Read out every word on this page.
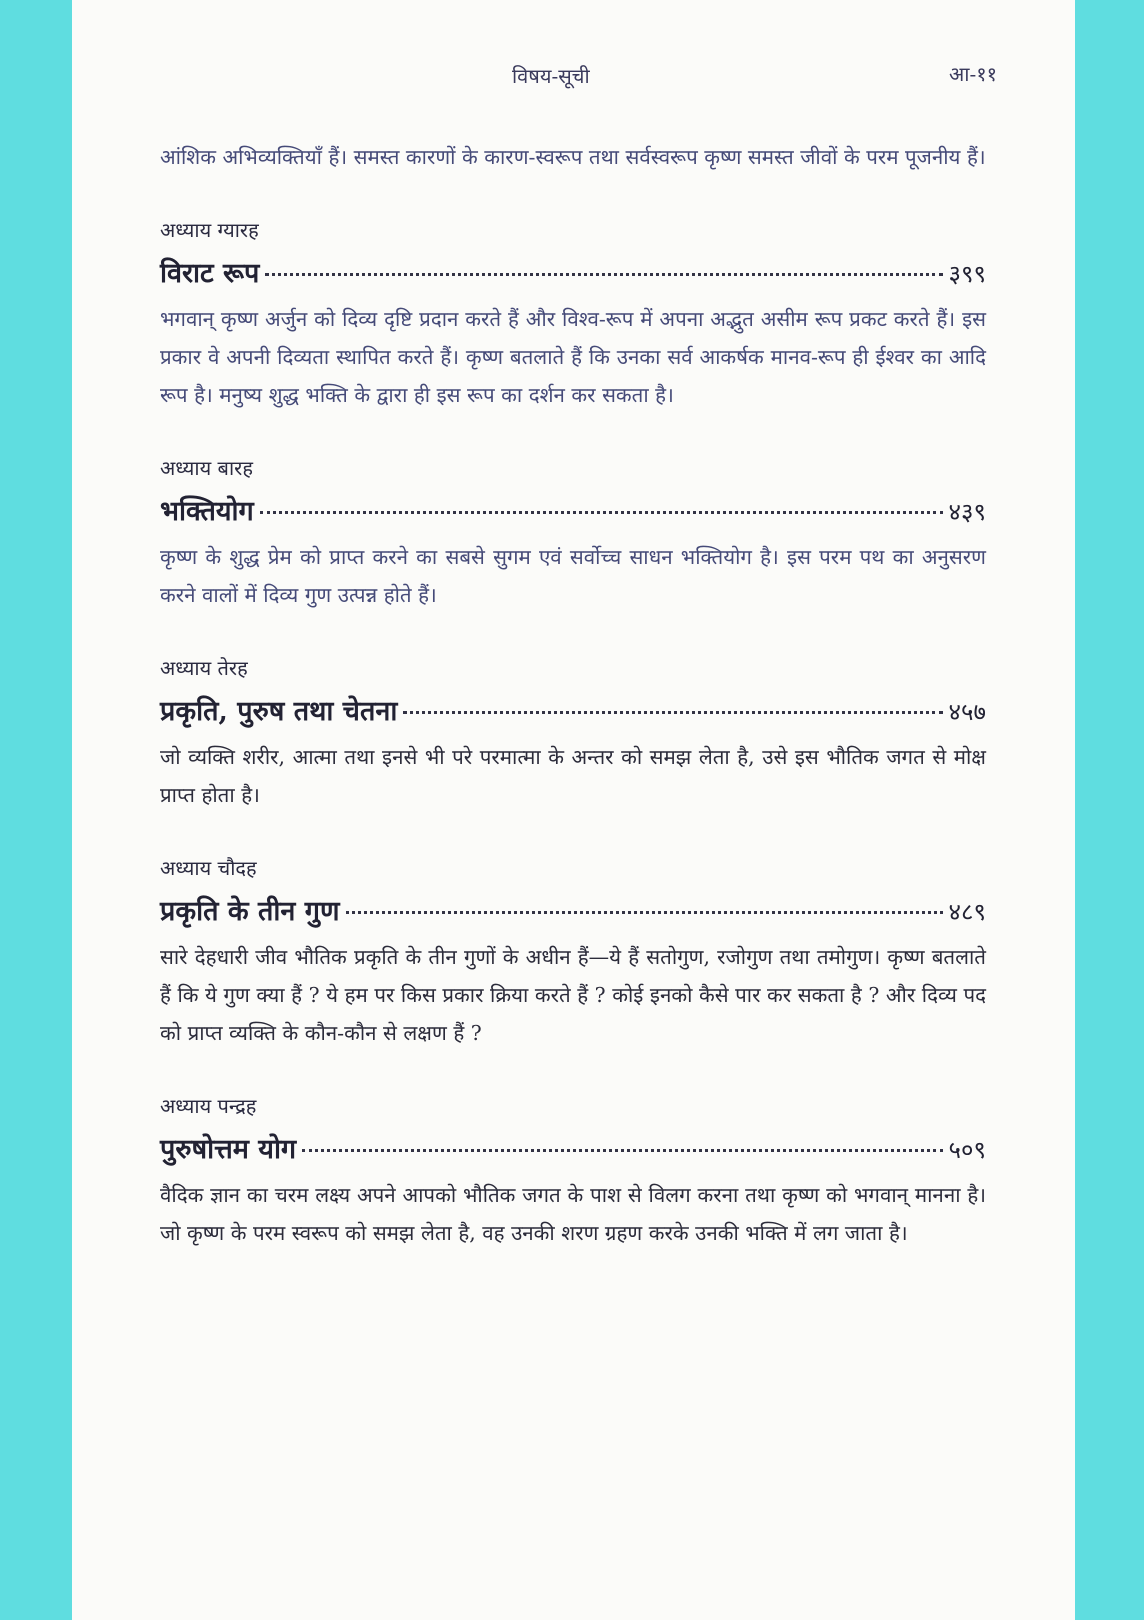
विषय-सूची	आ-११

आंशिक अभिव्यक्तियाँ हैं। समस्त कारणों के कारण-स्वरूप तथा सर्वस्वरूप कृष्ण समस्त जीवों के परम पूजनीय हैं।

अध्याय ग्यारह
विराट रूप	३९९

भगवान् कृष्ण अर्जुन को दिव्य दृष्टि प्रदान करते हैं और विश्व-रूप में अपना अद्भुत असीम रूप प्रकट करते हैं। इस प्रकार वे अपनी दिव्यता स्थापित करते हैं। कृष्ण बतलाते हैं कि उनका सर्व आकर्षक मानव-रूप ही ईश्वर का आदि रूप है। मनुष्य शुद्ध भक्ति के द्वारा ही इस रूप का दर्शन कर सकता है।

अध्याय बारह
भक्तियोग	४३९

कृष्ण के शुद्ध प्रेम को प्राप्त करने का सबसे सुगम एवं सर्वोच्च साधन भक्तियोग है। इस परम पथ का अनुसरण करने वालों में दिव्य गुण उत्पन्न होते हैं।

अध्याय तेरह
प्रकृति, पुरुष तथा चेतना	४५७

जो व्यक्ति शरीर, आत्मा तथा इनसे भी परे परमात्मा के अन्तर को समझ लेता है, उसे इस भौतिक जगत से मोक्ष प्राप्त होता है।

अध्याय चौदह
प्रकृति के तीन गुण	४८९

सारे देहधारी जीव भौतिक प्रकृति के तीन गुणों के अधीन हैं—ये हैं सतोगुण, रजोगुण तथा तमोगुण। कृष्ण बतलाते हैं कि ये गुण क्या हैं ? ये हम पर किस प्रकार क्रिया करते हैं ? कोई इनको कैसे पार कर सकता है ? और दिव्य पद को प्राप्त व्यक्ति के कौन-कौन से लक्षण हैं ?

अध्याय पन्द्रह
पुरुषोत्तम योग	५०९

वैदिक ज्ञान का चरम लक्ष्य अपने आपको भौतिक जगत के पाश से विलग करना तथा कृष्ण को भगवान् मानना है। जो कृष्ण के परम स्वरूप को समझ लेता है, वह उनकी शरण ग्रहण करके उनकी भक्ति में लग जाता है।
